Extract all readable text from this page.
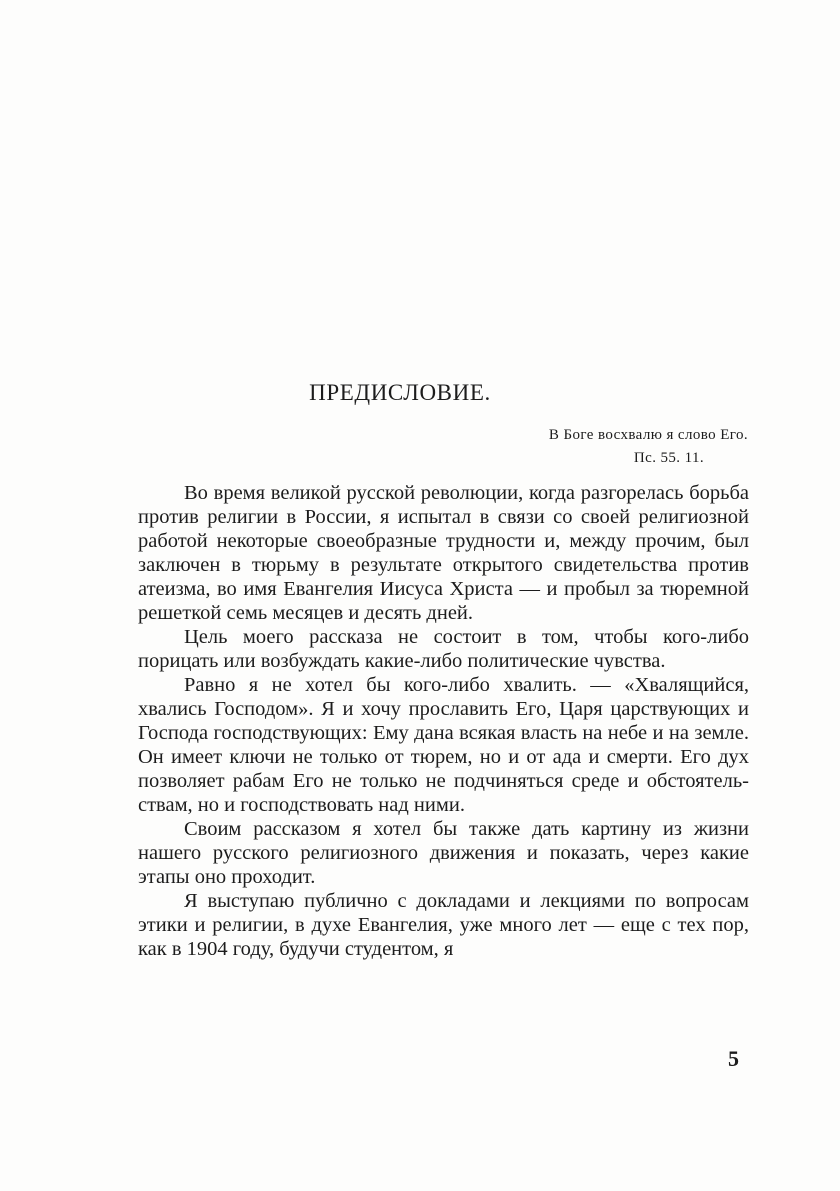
ПРЕДИСЛОВИЕ.
В Боге восхвалю я слово Его.
Пс. 55. 11.

Во время великой русской революции, когда разгорелась борьба против религии в России, я испытал в связи со своей религиозной работой некоторые своеобразные трудности и, между прочим, был заключен в тюрьму в результате открытого свидетельства против атеизма, во имя Евангелия Иисуса Христа — и пробыл за тюремной решеткой семь месяцев и десять дней.

Цель моего рассказа не состоит в том, чтобы кого-либо порицать или возбуждать какие-либо политические чувства.

Равно я не хотел бы кого-либо хвалить. — «Хвалящийся, хвались Господом». Я и хочу прославить Его, Царя царствующих и Господа господствующих: Ему дана всякая власть на небе и на земле. Он имеет ключи не только от тюрем, но и от ада и смерти. Его дух позволяет рабам Его не только не подчиняться среде и обстоятельствам, но и господствовать над ними.

Своим рассказом я хотел бы также дать картину из жизни нашего русского религиозного движения и показать, через какие этапы оно проходит.

Я выступаю публично с докладами и лекциями по вопросам этики и религии, в духе Евангелия, уже много лет — еще с тех пор, как в 1904 году, будучи студентом, я

5
